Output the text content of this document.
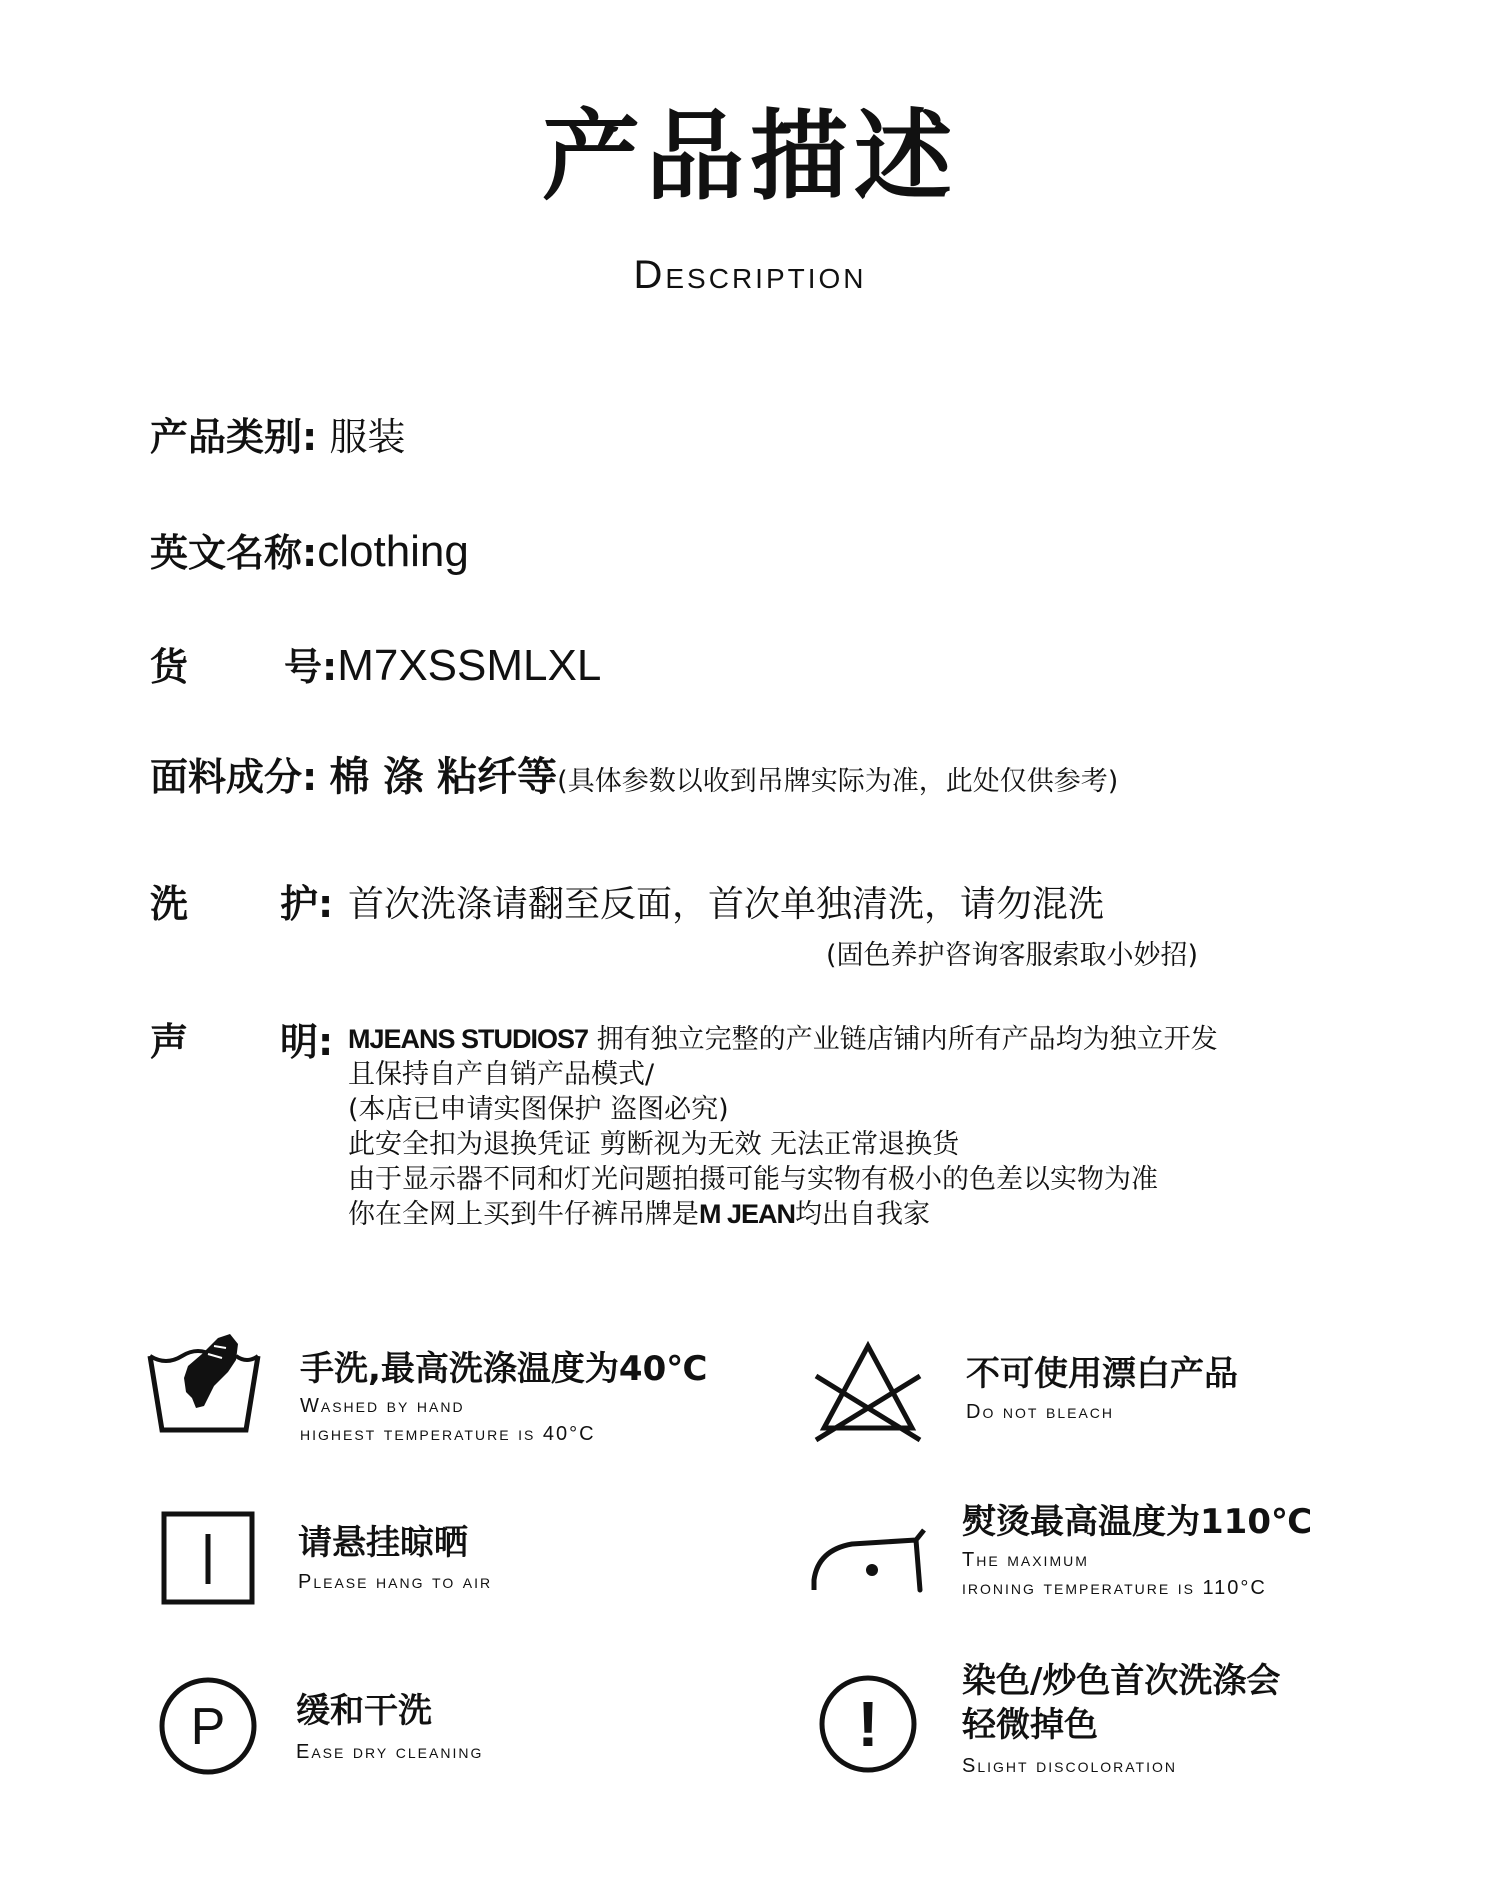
产品描述
Description
产品类别: 服装
英文名称:clothing
货	号 :M7XSSMLXL
面料成分: 棉 涤 粘纤等(具体参数以收到吊牌实际为准，此处仅供参考)
洗 护 : 首次洗涤请翻至反面，首次单独清洗，请勿混洗
(固色养护咨询客服索取小妙招)
声 明 : MJEANS STUDIOS7 拥有独立完整的产业链店铺内所有产品均为独立开发
且保持自产自销产品模式/
(本店已申请实图保护 盗图必究)
此安全扣为退换凭证 剪断视为无效 无法正常退换货
由于显示器不同和灯光问题拍摄可能与实物有极小的色差以实物为准
你在全网上买到牛仔裤吊牌是M JEAN均出自我家
手洗,最高洗涤温度为40℃
Washed by hand
highest temperature is 40°C
不可使用漂白产品
Do not bleach
请悬挂晾晒
Please hang to air
熨烫最高温度为110℃
The maximum
ironing temperature is 110°C
P 缓和干洗
Ease dry cleaning	!
染色/炒色首次洗涤会
轻微掉色
Slight discoloration
